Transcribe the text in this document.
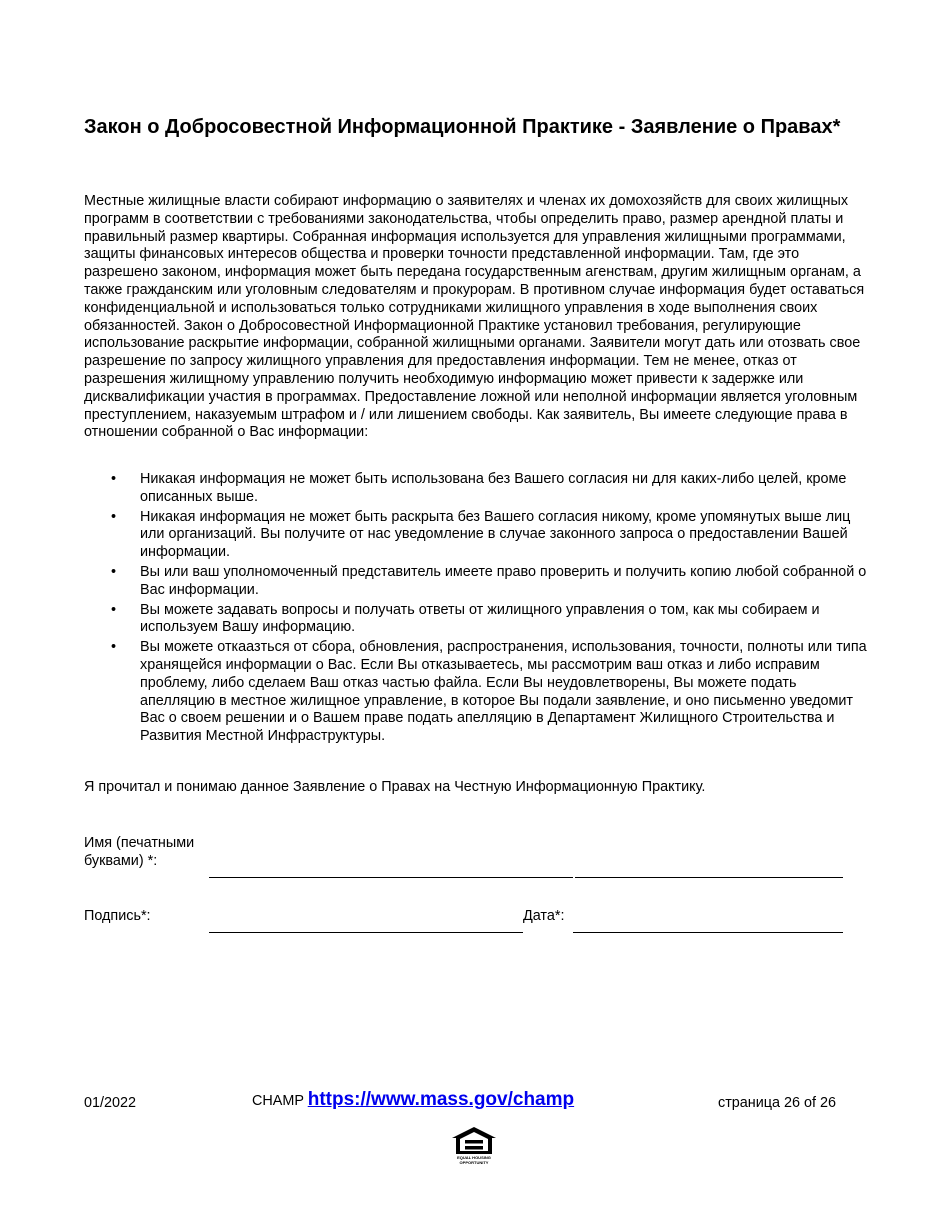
Закон о Добросовестной Информационной Практике - Заявление о Правах*

Местные жилищные власти собирают информацию о заявителях и членах их домохозяйств для своих жилищных программ в соответствии с требованиями законодательства, чтобы определить право, размер арендной платы и правильный размер квартиры. Собранная информация используется для управления жилищными программами, защиты финансовых интересов общества и проверки точности представленной информации. Там, где это разрешено законом, информация может быть передана государственным агенствам, другим жилищным органам, а также гражданским или уголовным следователям и прокурорам. В противном случае информация будет оставаться конфиденциальной и использоваться только сотрудниками жилищного управления в ходе выполнения своих обязанностей. Закон о Добросовестной Информационной Практике установил требования, регулирующие использование раскрытие информации, собранной жилищными органами. Заявители могут дать или отозвать свое разрешение по запросу жилищного управления для предоставления информации. Тем не менее, отказ от разрешения жилищному управлению получить необходимую информацию может привести к задержке или дисквалификации участия в программах. Предоставление ложной или неполной информации является уголовным преступлением, наказуемым штрафом и / или лишением свободы. Как заявитель, Вы имеете следующие права в отношении собранной о Вас информации:

• Никакая информация не может быть использована без Вашего согласия ни для каких-либо целей, кроме описанных выше.
• Никакая информация не может быть раскрыта без Вашего согласия никому, кроме упомянутых выше лиц или организаций. Вы получите от нас уведомление в случае законного запроса о предоставлении Вашей информации.
• Вы или ваш уполномоченный представитель имеете право проверить и получить копию любой собранной о Вас информации.
• Вы можете задавать вопросы и получать ответы от жилищного управления о том, как мы собираем и используем Вашу информацию.
• Вы можете откаазться от сбора, обновления, распространения, использования, точности, полноты или типа хранящейся информации о Вас. Если Вы отказываетесь, мы рассмотрим ваш отказ и либо исправим проблему, либо сделаем Ваш отказ частью файла. Если Вы неудовлетворены, Вы можете подать апелляцию в местное жилищное управление, в которое Вы подали заявление, и оно письменно уведомит Вас о своем решении и о Вашем праве подать апелляцию в Департамент Жилищного Строительства и Развития Местной Инфраструктуры.

Я прочитал и понимаю данное Заявление о Правах на Честную Информационную Практику.

Имя (печатными
буквами) *:
Подпись*:	Дата*:
01/2022	CHAMP https://www.mass.gov/champ	страница 26 of 26
EQUAL HOUSING
OPPORTUNITY
